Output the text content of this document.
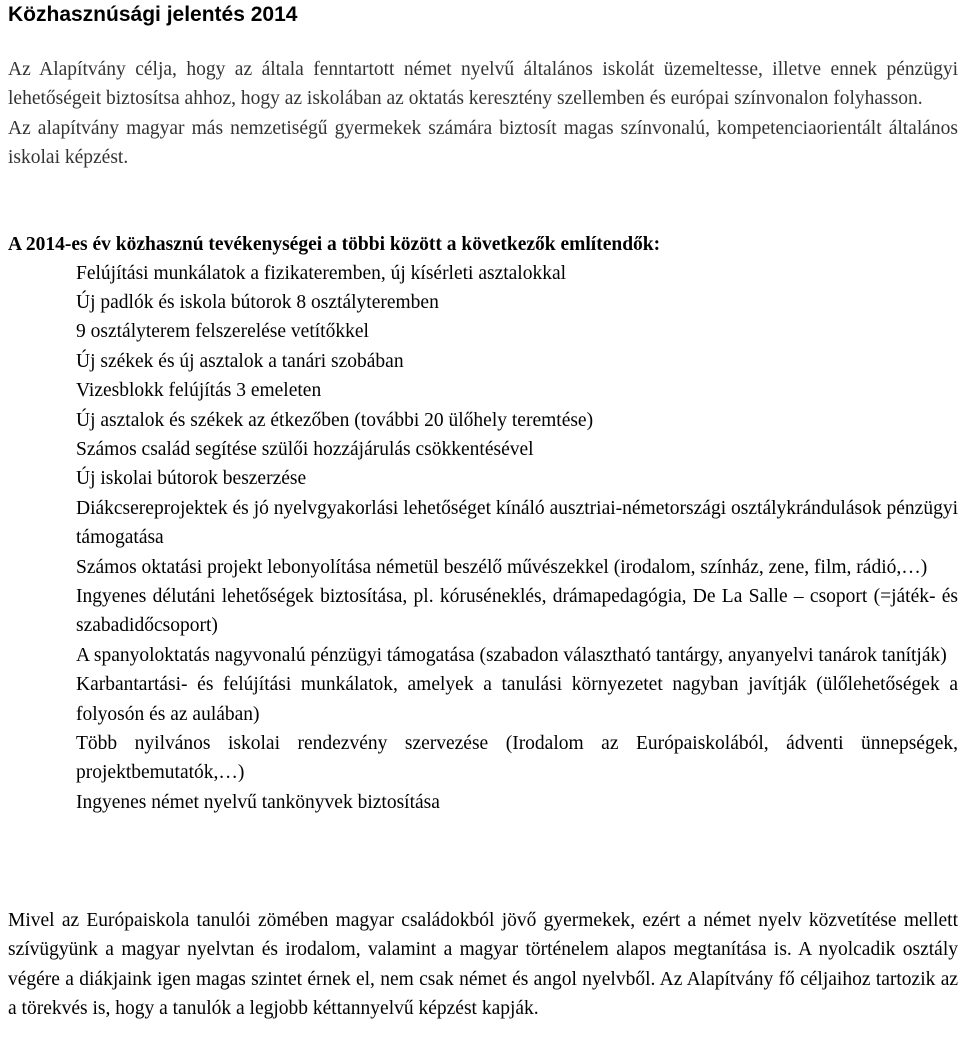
Közhasznúsági jelentés 2014

Az Alapítvány célja, hogy az általa fenntartott német nyelvű általános iskolát üzemeltesse, illetve ennek pénzügyi lehetőségeit biztosítsa ahhoz, hogy az iskolában az oktatás keresztény szellemben és európai színvonalon folyhasson.

Az alapítvány magyar más nemzetiségű gyermekek számára biztosít magas színvonalú, kompetenciaorientált általános iskolai képzést.

A 2014-es év közhasznú tevékenységei a többi között a következők említendők:
Felújítási munkálatok a fizikateremben, új kísérleti asztalokkal
Új padlók és iskola bútorok 8 osztályteremben
9 osztályterem felszerelése vetítőkkel
Új székek és új asztalok a tanári szobában
Vizesblokk felújítás 3 emeleten
Új asztalok és székek az étkezőben (további 20 ülőhely teremtése)
Számos család segítése szülői hozzájárulás csökkentésével
Új iskolai bútorok beszerzése
Diákcsereprojektek és jó nyelvgyakorlási lehetőséget kínáló ausztriai-németországi osztálykrándulások pénzügyi támogatása
Számos oktatási projekt lebonyolítása németül beszélő művészekkel (irodalom, színház, zene, film, rádió,…)
Ingyenes délutáni lehetőségek biztosítása, pl. kóruséneklés, drámapedagógia, De La Salle – csoport (=játék- és szabadidőcsoport)
A spanyoloktatás nagyvonalú pénzügyi támogatása (szabadon választható tantárgy, anyanyelvi tanárok tanítják)
Karbantartási- és felújítási munkálatok, amelyek a tanulási környezetet nagyban javítják (ülőlehetőségek a folyosón és az aulában)
Több nyilvános iskolai rendezvény szervezése (Irodalom az Európaiskolából, ádventi ünnepségek, projektbemutatók,…)
Ingyenes német nyelvű tankönyvek biztosítása

Mivel az Európaiskola tanulói zömében magyar családokból jövő gyermekek, ezért a német nyelv közvetítése mellett szívügyünk a magyar nyelvtan és irodalom, valamint a magyar történelem alapos megtanítása is. A nyolcadik osztály végére a diákjaink igen magas szintet érnek el, nem csak német és angol nyelvből. Az Alapítvány fő céljaihoz tartozik az a törekvés is, hogy a tanulók a legjobb kéttannyelvű képzést kapják.
